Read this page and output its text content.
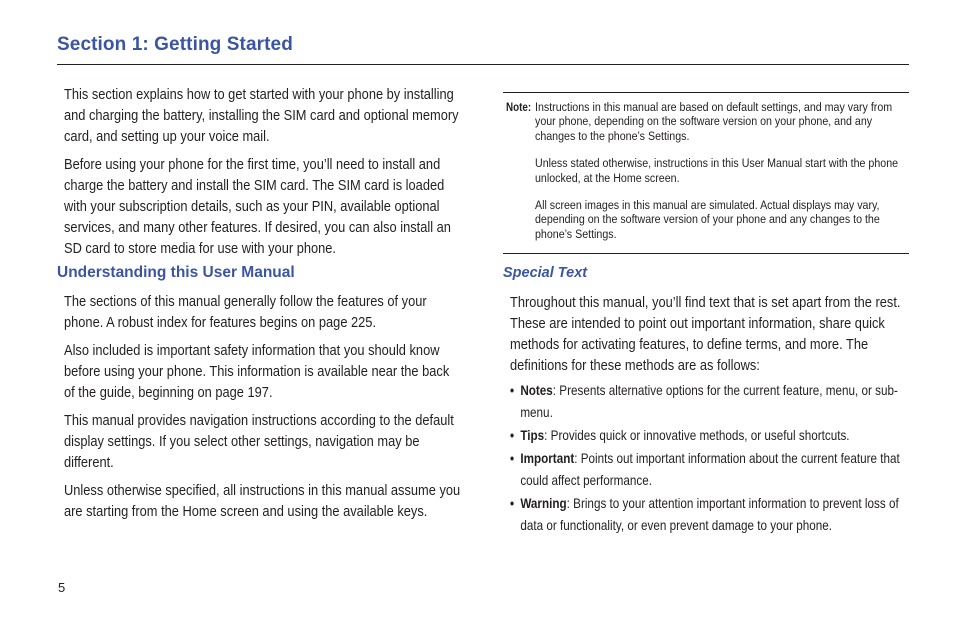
Section 1: Getting Started

This section explains how to get started with your phone by installing and charging the battery, installing the SIM card and optional memory card, and setting up your voice mail.

Before using your phone for the first time, you’ll need to install and charge the battery and install the SIM card. The SIM card is loaded with your subscription details, such as your PIN, available optional services, and many other features. If desired, you can also install an SD card to store media for use with your phone.

Understanding this User Manual

The sections of this manual generally follow the features of your phone. A robust index for features begins on page 225.

Also included is important safety information that you should know before using your phone. This information is available near the back of the guide, beginning on page 197.

This manual provides navigation instructions according to the default display settings. If you select other settings, navigation may be different.

Unless otherwise specified, all instructions in this manual assume you are starting from the Home screen and using the available keys.

Note: Instructions in this manual are based on default settings, and may vary from your phone, depending on the software version on your phone, and any changes to the phone’s Settings.

Unless stated otherwise, instructions in this User Manual start with the phone unlocked, at the Home screen.

All screen images in this manual are simulated. Actual displays may vary, depending on the software version of your phone and any changes to the phone’s Settings.

Special Text

Throughout this manual, you’ll find text that is set apart from the rest. These are intended to point out important information, share quick methods for activating features, to define terms, and more. The definitions for these methods are as follows:

• Notes: Presents alternative options for the current feature, menu, or sub-menu.
• Tips: Provides quick or innovative methods, or useful shortcuts.
• Important: Points out important information about the current feature that could affect performance.
• Warning: Brings to your attention important information to prevent loss of data or functionality, or even prevent damage to your phone.
5
